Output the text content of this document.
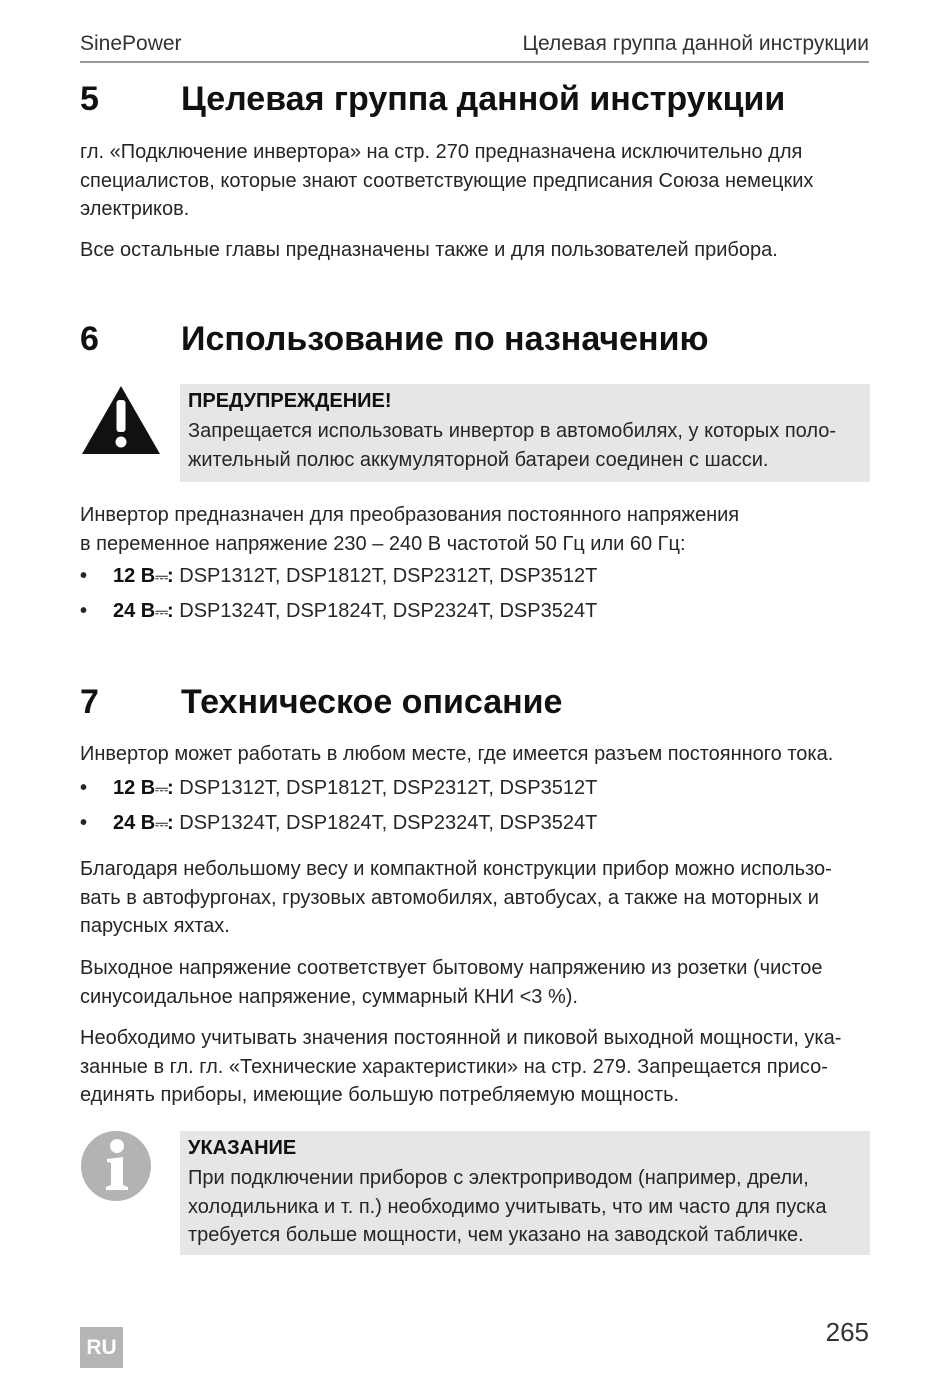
SinePower	Целевая группа данной инструкции
5 Целевая группа данной инструкции
гл. «Подключение инвертора» на стр. 270 предназначена исключительно для
специалистов, которые знают соответствующие предписания Союза немецких
электриков.
Все остальные главы предназначены также и для пользователей прибора.
6 Использование по назначению
ПРЕДУПРЕЖДЕНИЕ!
Запрещается использовать инвертор в автомобилях, у которых поло-
жительный полюс аккумуляторной батареи соединен с шасси.
Инвертор предназначен для преобразования постоянного напряжения
в переменное напряжение 230 – 240 В частотой 50 Гц или 60 Гц:
• 12 В⎓: DSP1312T, DSP1812T, DSP2312T, DSP3512T
• 24 В⎓: DSP1324T, DSP1824T, DSP2324T, DSP3524T
7 Техническое описание
Инвертор может работать в любом месте, где имеется разъем постоянного тока.
• 12 В⎓: DSP1312T, DSP1812T, DSP2312T, DSP3512T
• 24 В⎓: DSP1324T, DSP1824T, DSP2324T, DSP3524T
Благодаря небольшому весу и компактной конструкции прибор можно использо-
вать в автофургонах, грузовых автомобилях, автобусах, а также на моторных и
парусных яхтах.
Выходное напряжение соответствует бытовому напряжению из розетки (чистое
синусоидальное напряжение, суммарный КНИ <3 %).
Необходимо учитывать значения постоянной и пиковой выходной мощности, ука-
занные в гл. гл. «Технические характеристики» на стр. 279. Запрещается присо-
единять приборы, имеющие большую потребляемую мощность.
УКАЗАНИЕ
При подключении приборов с электроприводом (например, дрели,
холодильника и т. п.) необходимо учитывать, что им часто для пуска
требуется больше мощности, чем указано на заводской табличке.
RU
265
